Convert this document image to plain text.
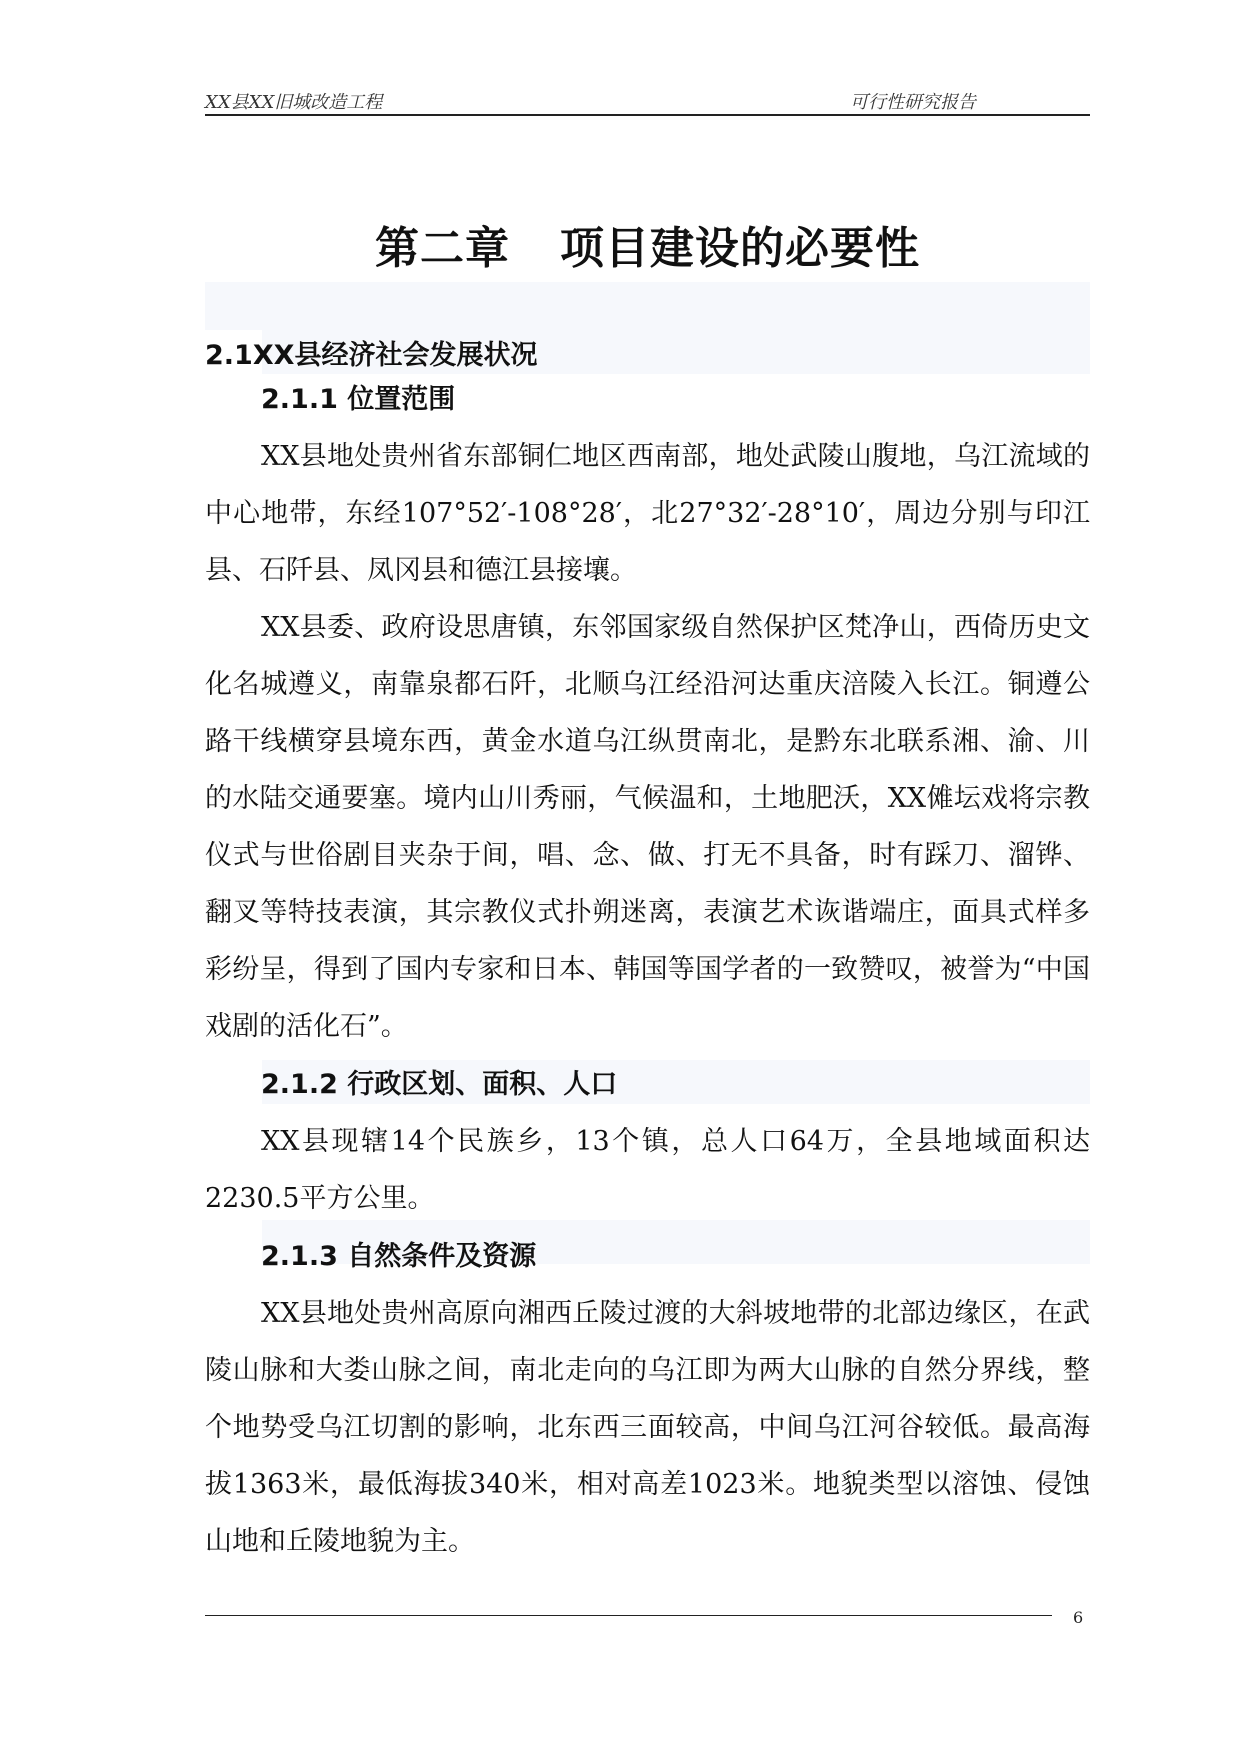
XX县XX旧城改造工程	可行性研究报告
第二章 项目建设的必要性
2.1XX县经济社会发展状况
2.1.1 位置范围

XX县地处贵州省东部铜仁地区西南部，地处武陵山腹地，乌江流域的中心地带，东经107°52′-108°28′，北27°32′-28°10′，周边分别与印江县、石阡县、凤冈县和德江县接壤。

XX县委、政府设思唐镇，东邻国家级自然保护区梵净山，西倚历史文化名城遵义，南靠泉都石阡，北顺乌江经沿河达重庆涪陵入长江。铜遵公路干线横穿县境东西，黄金水道乌江纵贯南北，是黔东北联系湘、渝、川的水陆交通要塞。境内山川秀丽，气候温和，土地肥沃，XX傩坛戏将宗教仪式与世俗剧目夹杂于间，唱、念、做、打无不具备，时有踩刀、溜铧、翻叉等特技表演，其宗教仪式扑朔迷离，表演艺术诙谐端庄，面具式样多彩纷呈，得到了国内专家和日本、韩国等国学者的一致赞叹，被誉为“中国戏剧的活化石”。

2.1.2 行政区划、面积、人口

XX县现辖14个民族乡，13个镇，总人口64万，全县地域面积达2230.5平方公里。

2.1.3 自然条件及资源

XX县地处贵州高原向湘西丘陵过渡的大斜坡地带的北部边缘区，在武陵山脉和大娄山脉之间，南北走向的乌江即为两大山脉的自然分界线，整个地势受乌江切割的影响，北东西三面较高，中间乌江河谷较低。最高海拔1363米，最低海拔340米，相对高差1023米。地貌类型以溶蚀、侵蚀山地和丘陵地貌为主。

6
